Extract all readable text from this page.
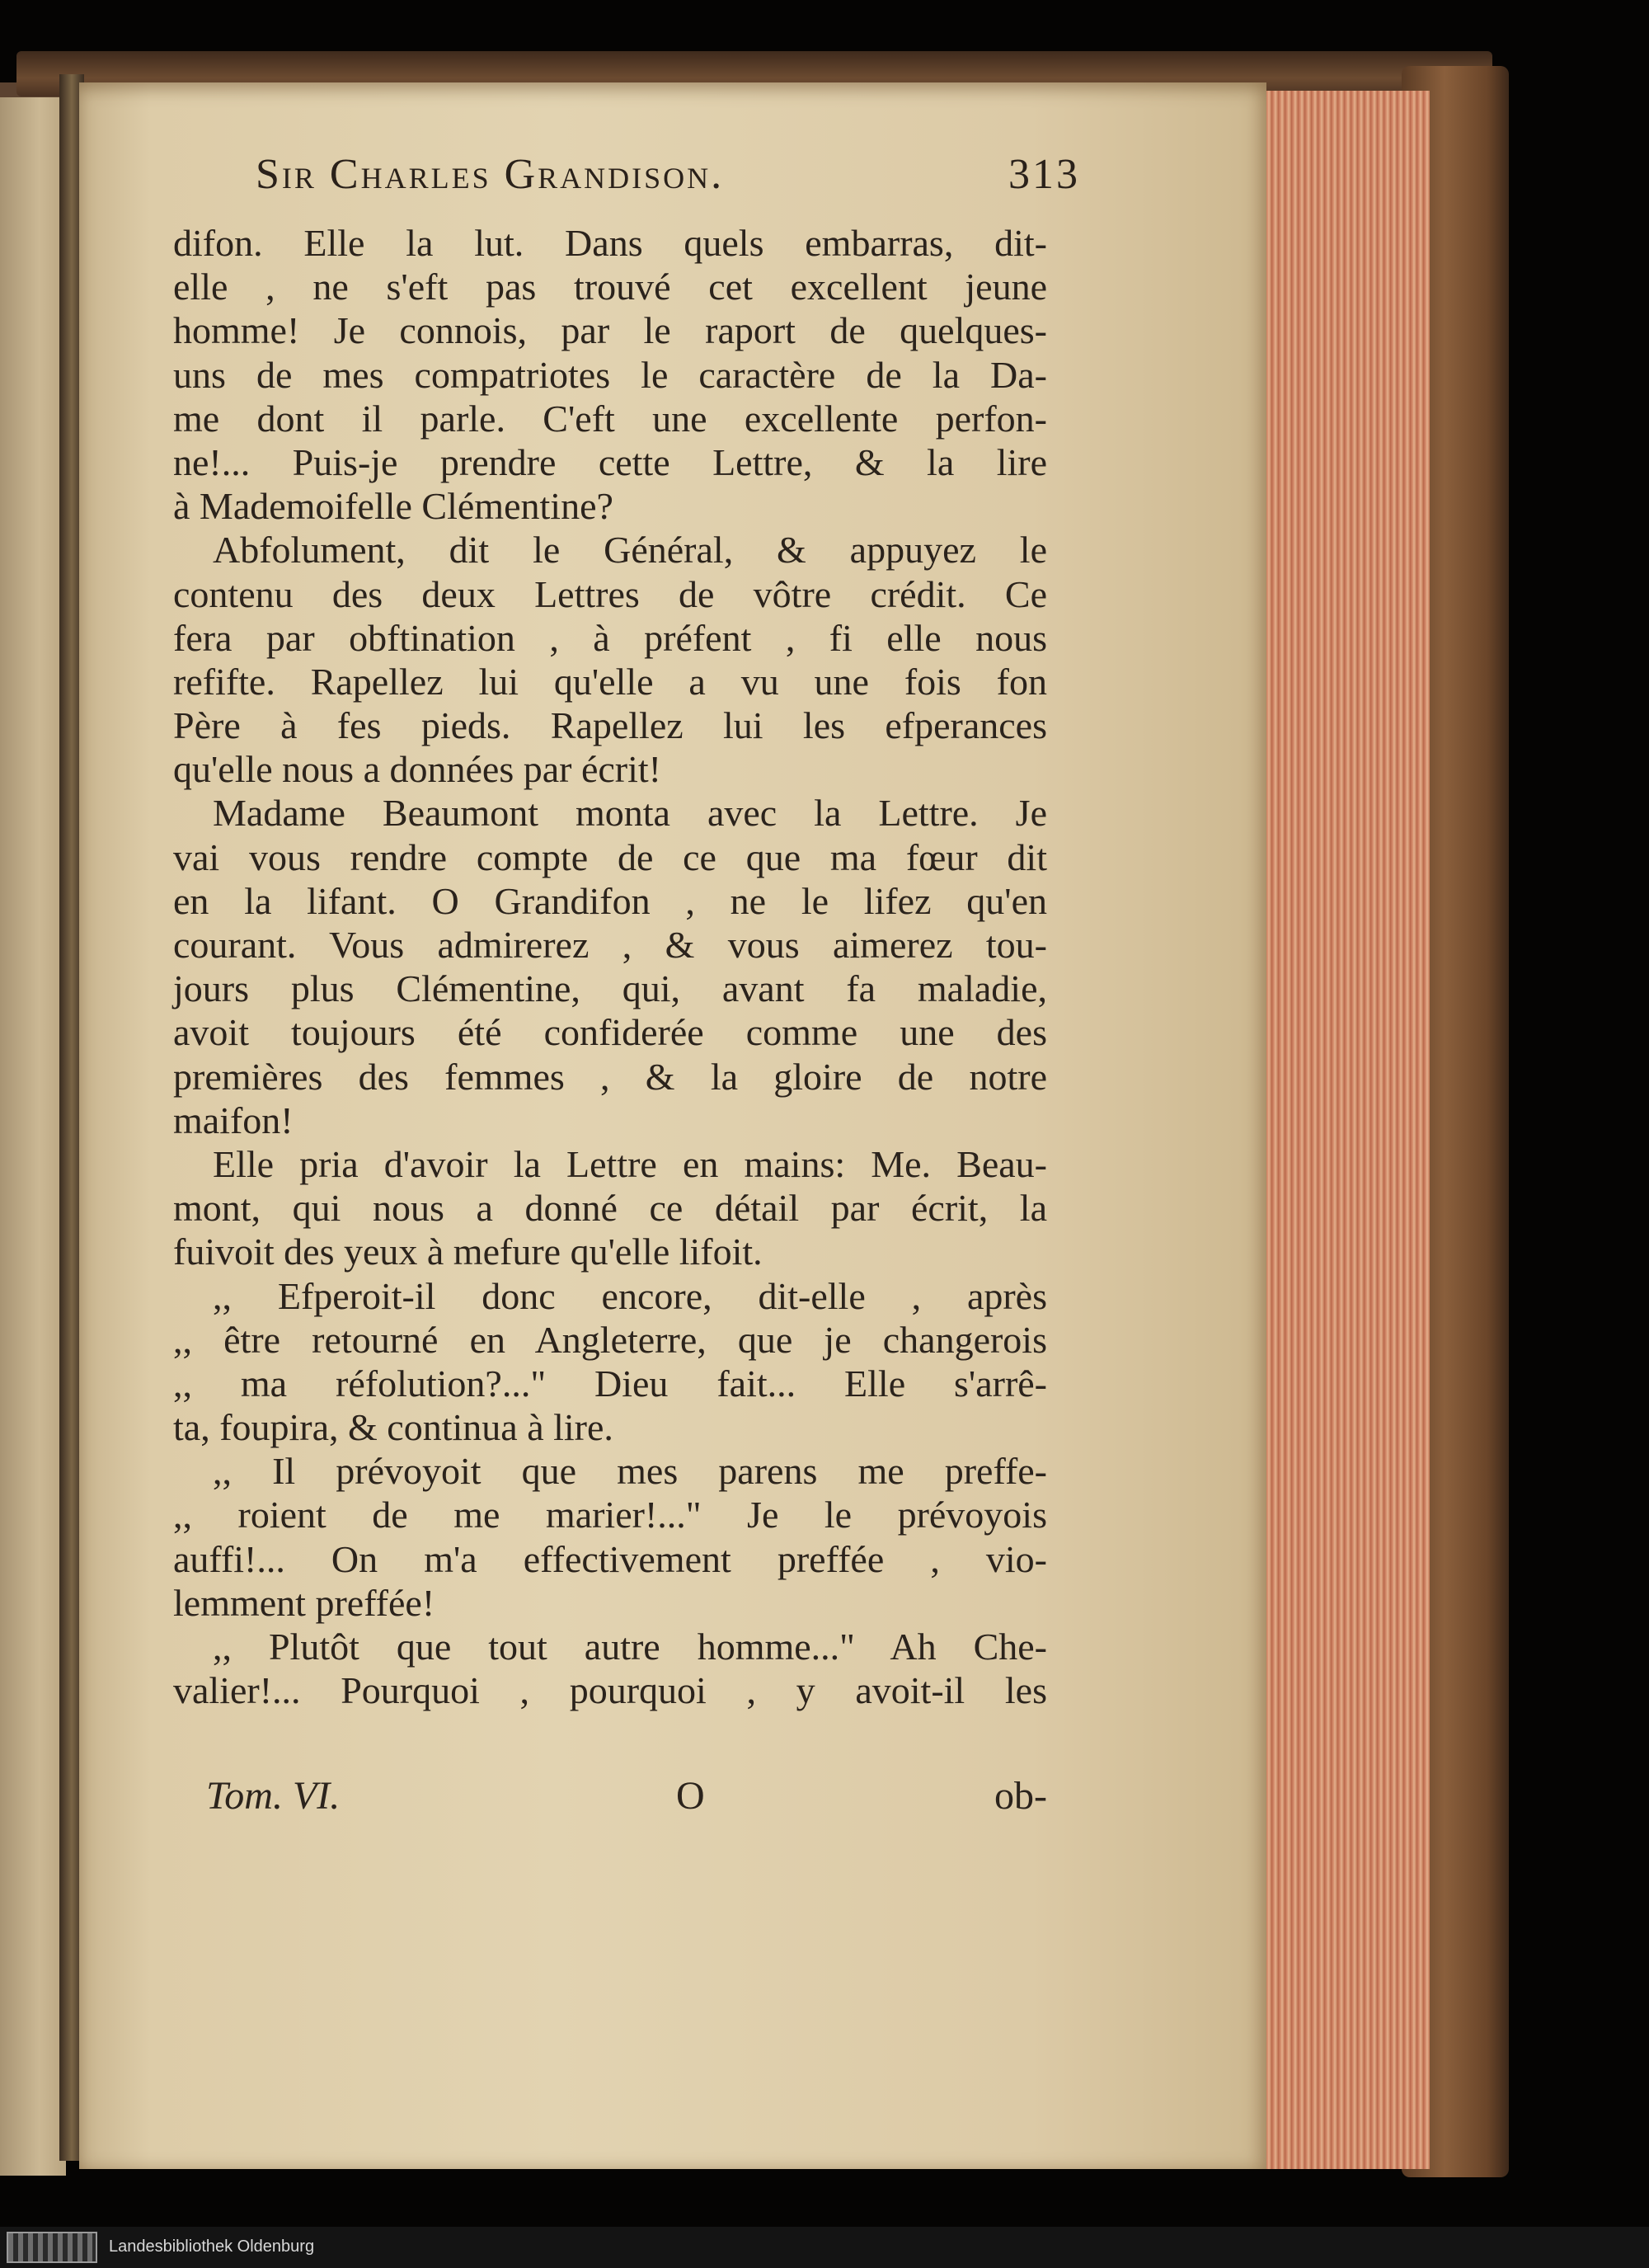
Sir Charles Grandison.	313
difon. Elle la lut. Dans quels embarras, dit-
elle , ne s'eft pas trouvé cet excellent jeune
homme! Je connois, par le raport de quelques-
uns de mes compatriotes le caractère de la Da-
me dont il parle. C'eft une excellente perfon-
ne!... Puis-je prendre cette Lettre, & la lire
à Mademoifelle Clémentine?
Abfolument, dit le Général, & appuyez le
contenu des deux Lettres de vôtre crédit. Ce
fera par obftination , à préfent , fi elle nous
refifte. Rapellez lui qu'elle a vu une fois fon
Père à fes pieds. Rapellez lui les efperances
qu'elle nous a données par écrit!
Madame Beaumont monta avec la Lettre. Je
vai vous rendre compte de ce que ma fœur dit
en la lifant. O Grandifon , ne le lifez qu'en
courant. Vous admirerez , & vous aimerez tou-
jours plus Clémentine, qui, avant fa maladie,
avoit toujours été confiderée comme une des
premières des femmes , & la gloire de notre
maifon!
Elle pria d'avoir la Lettre en mains: Me. Beau-
mont, qui nous a donné ce détail par écrit, la
fuivoit des yeux à mefure qu'elle lifoit.
,, Efperoit-il donc encore, dit-elle , après
,, être retourné en Angleterre, que je changerois
,, ma réfolution?..." Dieu fait... Elle s'arrê-
ta, foupira, & continua à lire.
,, Il prévoyoit que mes parens me preffe-
,, roient de me marier!..." Je le prévoyois
auffi!... On m'a effectivement preffée , vio-
lemment preffée!
,, Plutôt que tout autre homme..." Ah Che-
valier!... Pourquoi , pourquoi , y avoit-il les
Tom. VI.	O	ob-
Landesbibliothek Oldenburg
